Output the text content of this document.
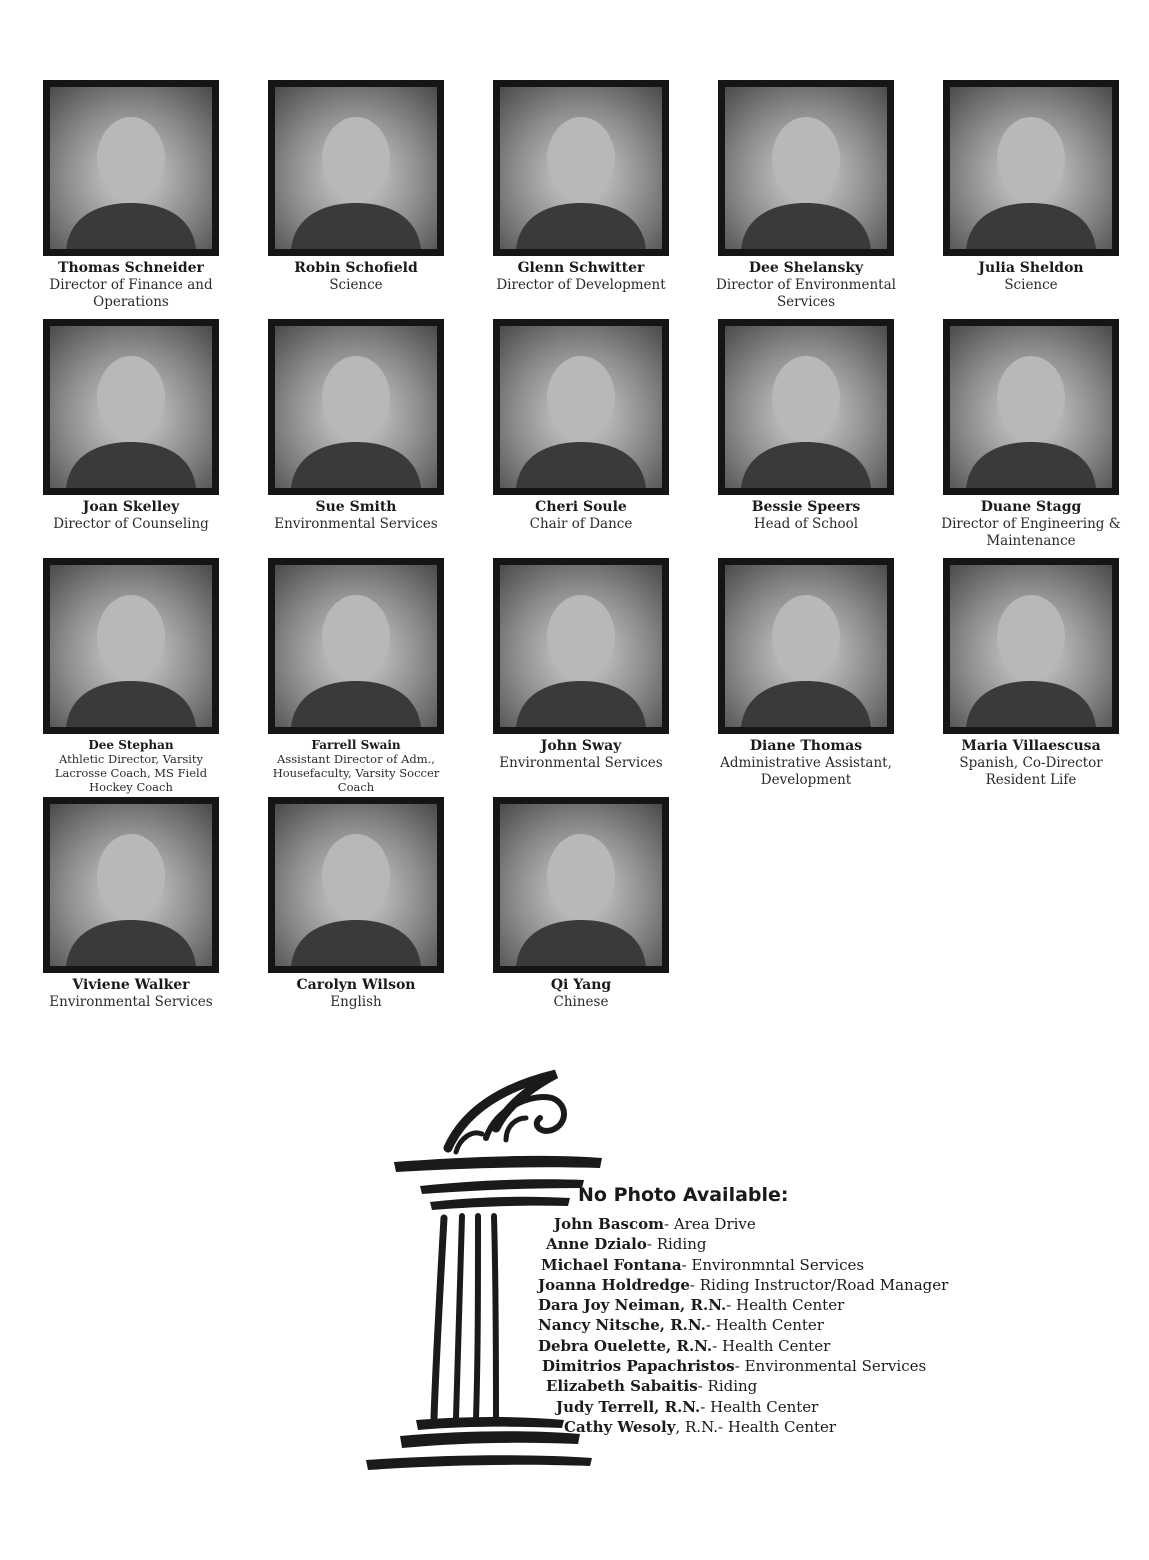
Thomas Schneider
Director of Finance and Operations
Robin Schofield
Science
Glenn Schwitter
Director of Development
Dee Shelansky
Director of Environmental Services
Julia Sheldon
Science
Joan Skelley
Director of Counseling
Sue Smith
Environmental Services
Cheri Soule
Chair of Dance
Bessie Speers
Head of School
Duane Stagg
Director of Engineering & Maintenance
Dee Stephan
Athletic Director, Varsity Lacrosse Coach, MS Field Hockey Coach
Farrell Swain
Assistant Director of Adm., Housefaculty, Varsity Soccer Coach
John Sway
Environmental Services
Diane Thomas
Administrative Assistant, Development
Maria Villaescusa
Spanish, Co-Director Resident Life
Viviene Walker
Environmental Services
Carolyn Wilson
English
Qi Yang
Chinese
No Photo Available:
John Bascom- Area Drive
Anne Dzialo- Riding
Michael Fontana- Environmntal Services
Joanna Holdredge- Riding Instructor/Road Manager
Dara Joy Neiman, R.N.- Health Center
Nancy Nitsche, R.N.- Health Center
Debra Ouelette, R.N.- Health Center
Dimitrios Papachristos- Environmental Services
Elizabeth Sabaitis- Riding
Judy Terrell, R.N.- Health Center
Cathy Wesoly, R.N.- Health Center
